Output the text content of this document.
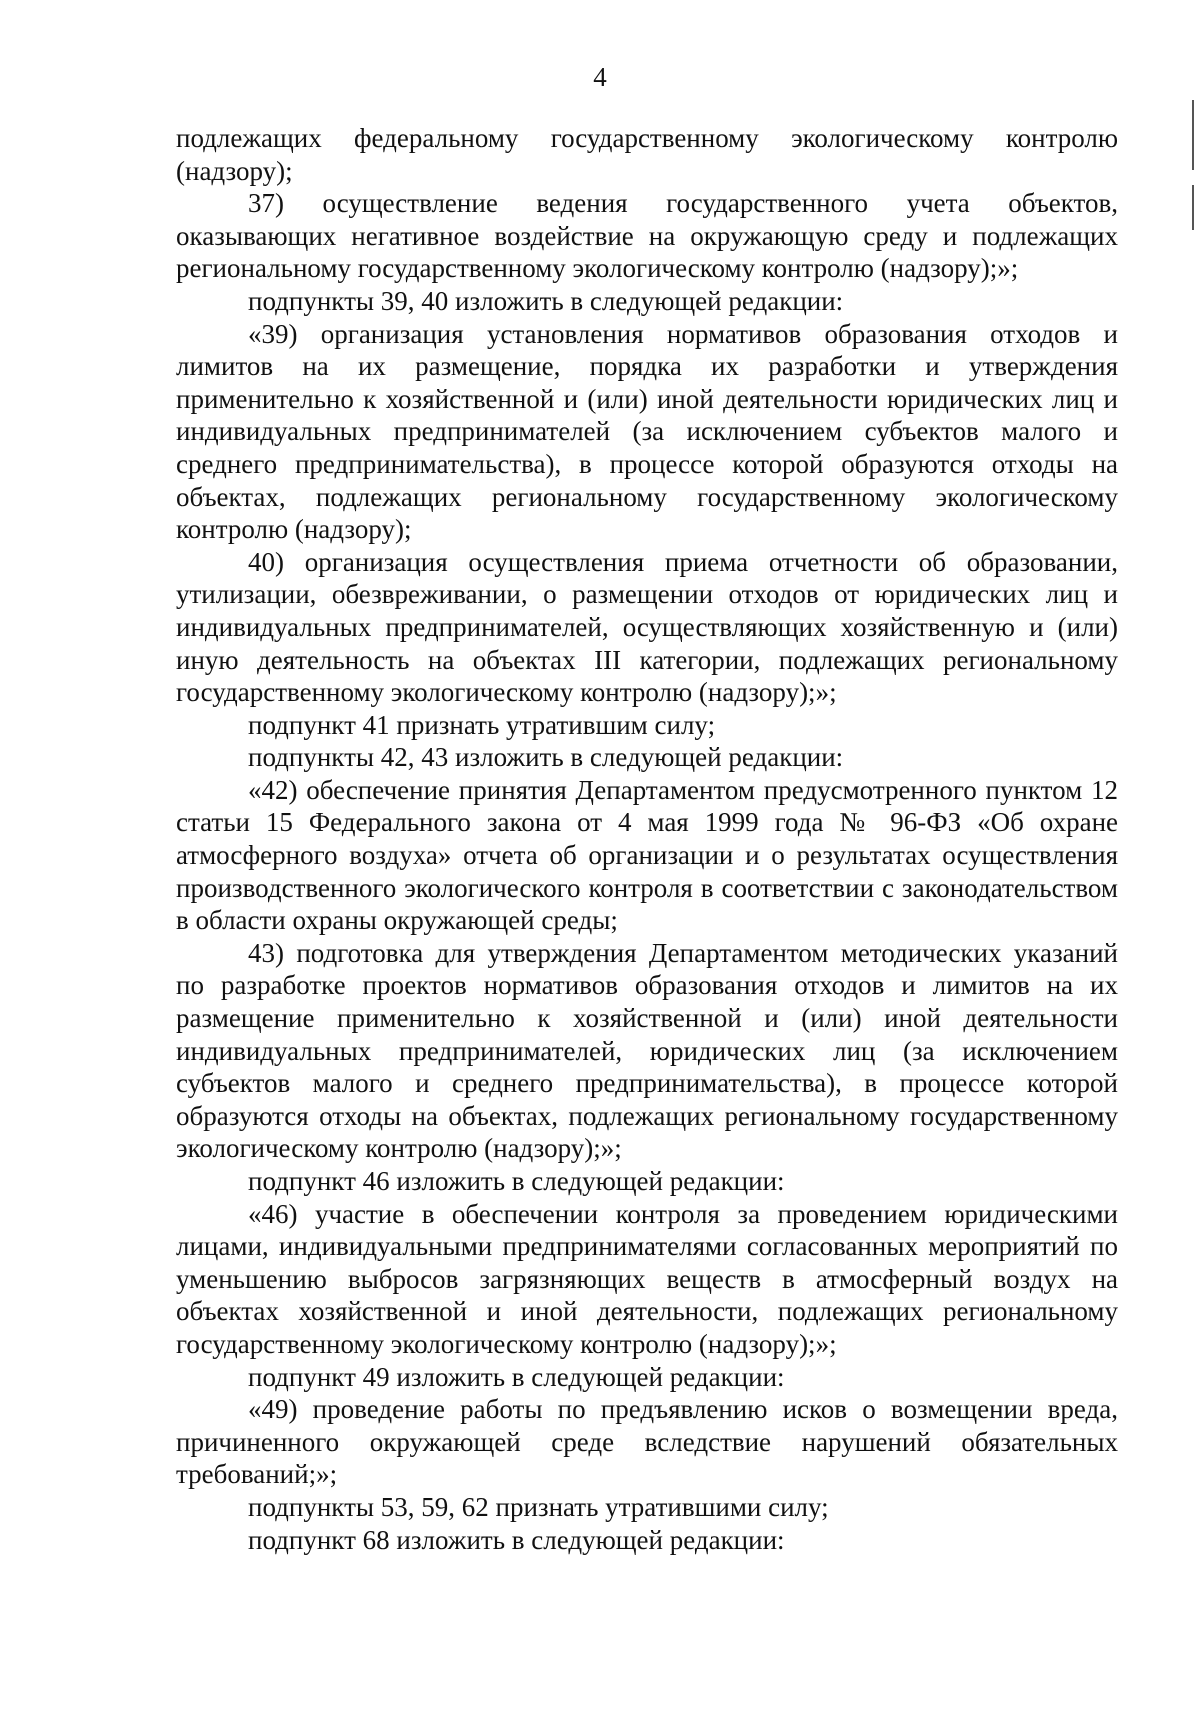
4

подлежащих федеральному государственному экологическому контролю (надзору);

37) осуществление ведения государственного учета объектов, оказывающих негативное воздействие на окружающую среду и подлежащих региональному государственному экологическому контролю (надзору);»;

подпункты 39, 40 изложить в следующей редакции:

«39) организация установления нормативов образования отходов и лимитов на их размещение, порядка их разработки и утверждения применительно к хозяйственной и (или) иной деятельности юридических лиц и индивидуальных предпринимателей (за исключением субъектов малого и среднего предпринимательства), в процессе которой образуются отходы на объектах, подлежащих региональному государственному экологическому контролю (надзору);

40) организация осуществления приема отчетности об образовании, утилизации, обезвреживании, о размещении отходов от юридических лиц и индивидуальных предпринимателей, осуществляющих хозяйственную и (или) иную деятельность на объектах III категории, подлежащих региональному государственному экологическому контролю (надзору);»;

подпункт 41 признать утратившим силу;

подпункты 42, 43 изложить в следующей редакции:

«42) обеспечение принятия Департаментом предусмотренного пунктом 12 статьи 15 Федерального закона от 4 мая 1999 года № 96-ФЗ «Об охране атмосферного воздуха» отчета об организации и о результатах осуществления производственного экологического контроля в соответствии с законодательством в области охраны окружающей среды;

43) подготовка для утверждения Департаментом методических указаний по разработке проектов нормативов образования отходов и лимитов на их размещение применительно к хозяйственной и (или) иной деятельности индивидуальных предпринимателей, юридических лиц (за исключением субъектов малого и среднего предпринимательства), в процессе которой образуются отходы на объектах, подлежащих региональному государственному экологическому контролю (надзору);»;

подпункт 46 изложить в следующей редакции:

«46) участие в обеспечении контроля за проведением юридическими лицами, индивидуальными предпринимателями согласованных мероприятий по уменьшению выбросов загрязняющих веществ в атмосферный воздух на объектах хозяйственной и иной деятельности, подлежащих региональному государственному экологическому контролю (надзору);»;

подпункт 49 изложить в следующей редакции:

«49) проведение работы по предъявлению исков о возмещении вреда, причиненного окружающей среде вследствие нарушений обязательных требований;»;

подпункты 53, 59, 62 признать утратившими силу;

подпункт 68 изложить в следующей редакции:
